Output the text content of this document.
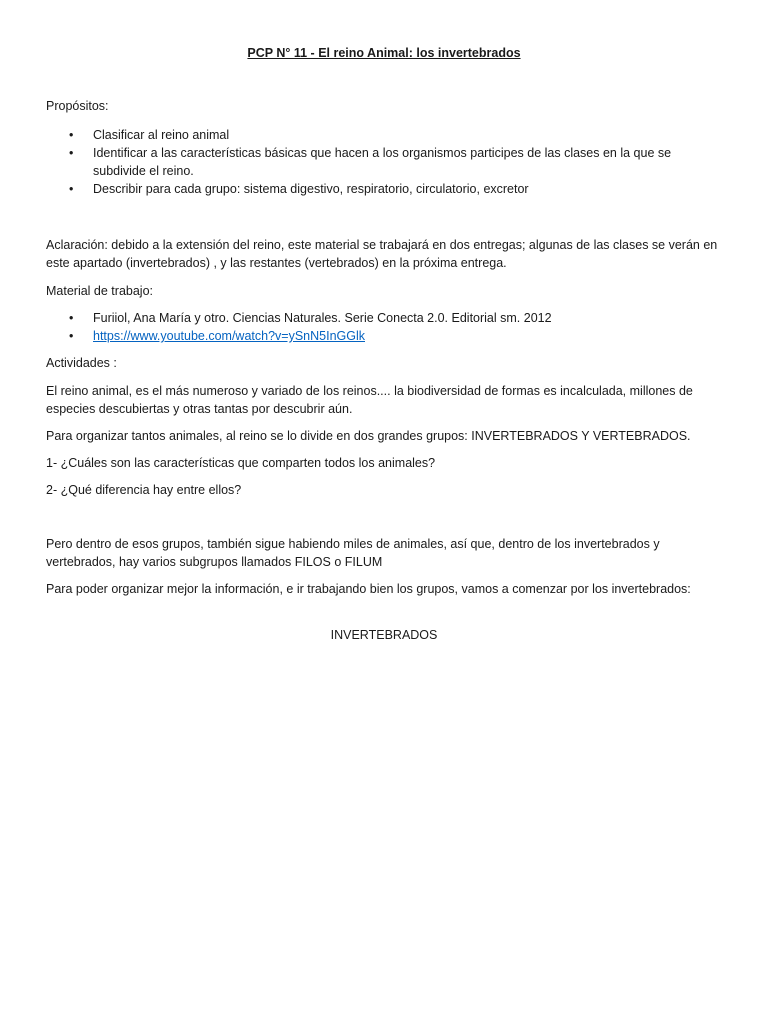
PCP N° 11 - El reino Animal: los invertebrados

Propósitos:

• Clasificar al reino animal
• Identificar a las características básicas que hacen a los organismos participes de las clases en la que se subdivide el reino.
• Describir para cada grupo: sistema digestivo, respiratorio, circulatorio, excretor

Aclaración: debido a la extensión del reino, este material se trabajará en dos entregas; algunas de las clases se verán en este apartado (invertebrados) , y las restantes (vertebrados) en la próxima entrega.

Material de trabajo:

• Furiiol, Ana María y otro. Ciencias Naturales. Serie Conecta 2.0. Editorial sm. 2012
• https://www.youtube.com/watch?v=ySnN5InGGlk

Actividades :

El reino animal, es el más numeroso y variado de los reinos.... la biodiversidad de formas es incalculada, millones de especies descubiertas y otras tantas por descubrir aún.

Para organizar tantos animales, al reino se lo divide en dos grandes grupos: INVERTEBRADOS Y VERTEBRADOS.

1- ¿Cuáles son las características que comparten todos los animales?

2- ¿Qué diferencia hay entre ellos?

Pero dentro de esos grupos, también sigue habiendo miles de animales, así que, dentro de los invertebrados y vertebrados, hay varios subgrupos llamados FILOS o FILUM

Para poder organizar mejor la información, e ir trabajando bien los grupos, vamos a comenzar por los invertebrados:

INVERTEBRADOS
